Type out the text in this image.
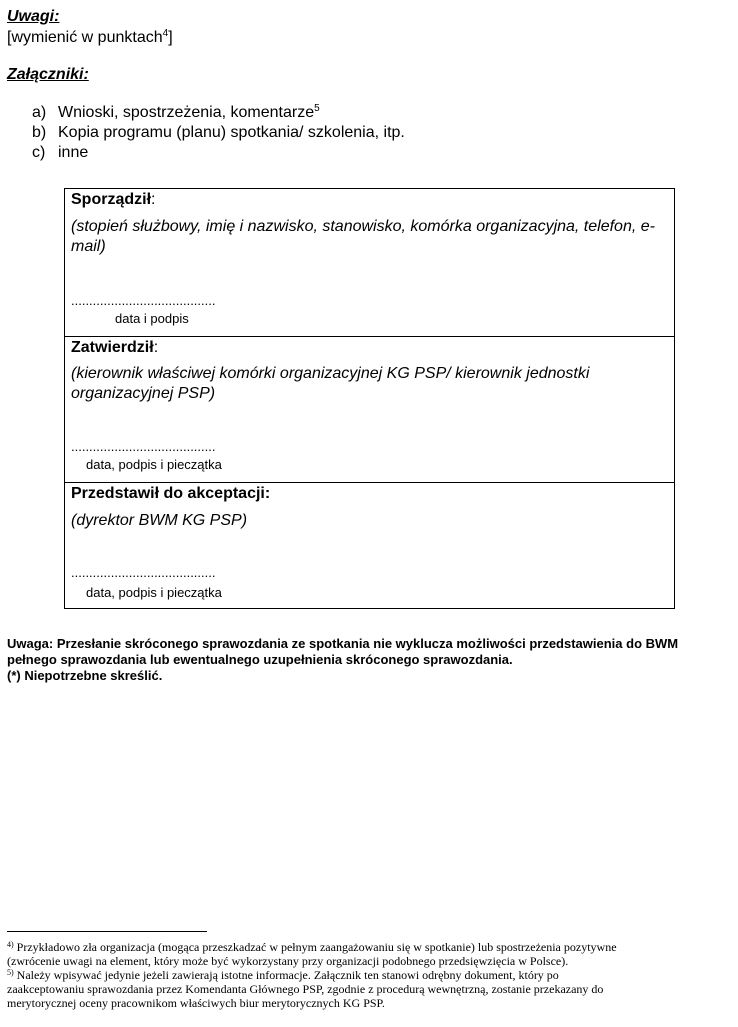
Uwagi:
[wymienić w punktach$^4$]
Załączniki:
a) Wnioski, spostrzeżenia, komentarze$^5$
b) Kopia programu (planu) spotkania/ szkolenia, itp.
c) inne
Sporządził:
(stopień służbowy, imię i nazwisko, stanowisko, komórka organizacyjna, telefon, e-mail)
........................................
data i podpis
Zatwierdził:
(kierownik właściwej komórki organizacyjnej KG PSP/ kierownik jednostki organizacyjnej PSP)
........................................
data, podpis i pieczątka
Przedstawił do akceptacji:
(dyrektor BWM KG PSP)
........................................
data, podpis i pieczątka
Uwaga: Przesłanie skróconego sprawozdania ze spotkania nie wyklucza możliwości przedstawienia do BWM
pełnego sprawozdania lub ewentualnego uzupełnienia skróconego sprawozdania.
(*) Niepotrzebne skreślić.
$^{4)}$ Przykładowo zła organizacja (mogąca przeszkadzać w pełnym zaangażowaniu się w spotkanie) lub spostrzeżenia pozytywne
(zwrócenie uwagi na element, który może być wykorzystany przy organizacji podobnego przedsięwzięcia w Polsce).
$^{5)}$ Należy wpisywać jedynie jeżeli zawierają istotne informacje. Załącznik ten stanowi odrębny dokument, który po
zaakceptowaniu sprawozdania przez Komendanta Głównego PSP, zgodnie z procedurą wewnętrzną, zostanie przekazany do
merytorycznej oceny pracownikom właściwych biur merytorycznych KG PSP.
